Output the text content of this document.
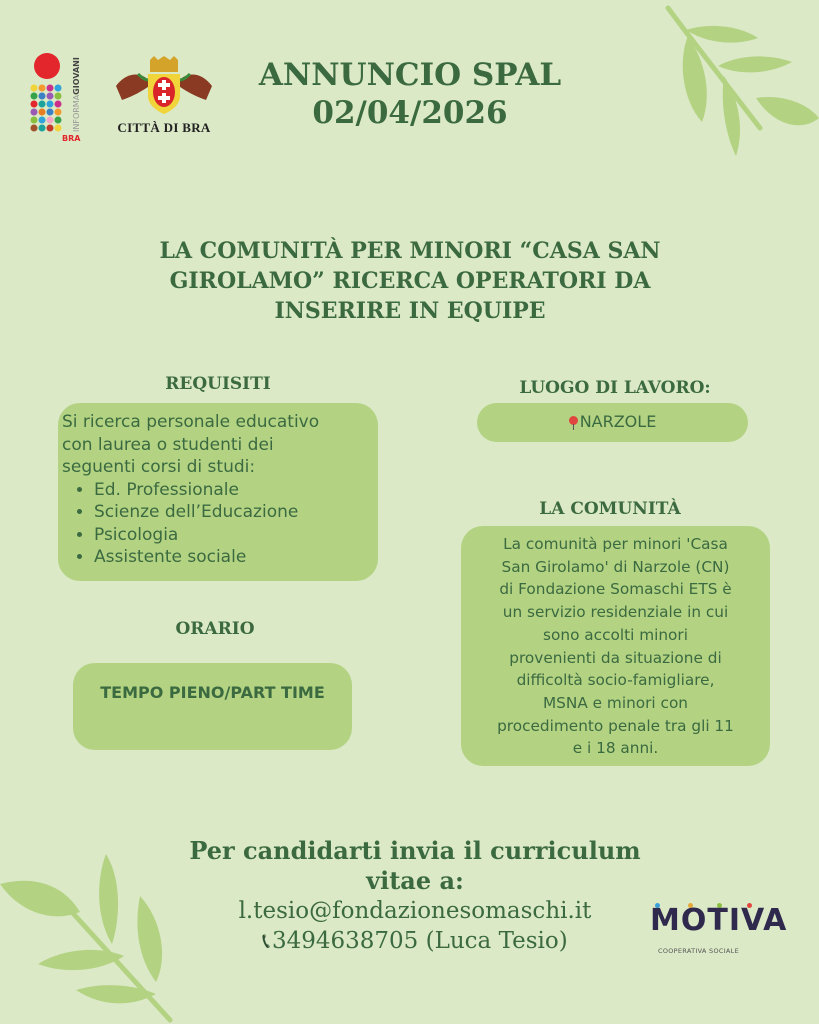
INFORMAGIOVANI
BRA
CITTÀ DI BRA
ANNUNCIO SPAL
02/04/2026
LA COMUNITÀ PER MINORI “CASA SAN
GIROLAMO” RICERCA OPERATORI DA
INSERIRE IN EQUIPE
REQUISITI
Si ricerca personale educativo
con laurea o studenti dei
seguenti corsi di studi:
• Ed. Professionale
• Scienze dell’Educazione
• Psicologia
• Assistente sociale
ORARIO
TEMPO PIENO/PART TIME
LUOGO DI LAVORO:
NARZOLE
LA COMUNITÀ
La comunità per minori 'Casa
San Girolamo' di Narzole (CN)
di Fondazione Somaschi ETS è
un servizio residenziale in cui
sono accolti minori
provenienti da situazione di
difficoltà socio-famigliare,
MSNA e minori con
procedimento penale tra gli 11
e i 18 anni.
Per candidarti invia il curriculum
vitae a:
l.tesio@fondazionesomaschi.it
📞︎3494638705 (Luca Tesio)
MOTIVA
COOPERATIVA SOCIALE
